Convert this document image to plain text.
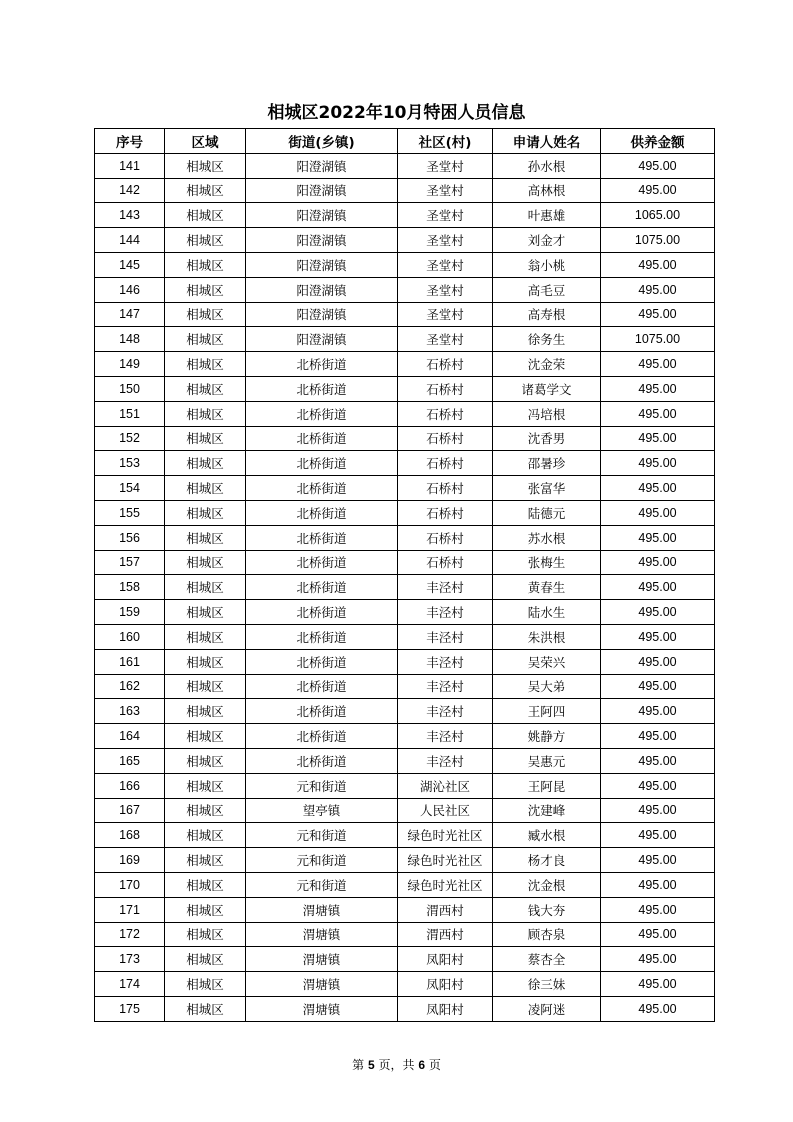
相城区2022年10月特困人员信息
序号	区域	街道(乡镇)	社区(村)	申请人姓名	供养金额
141	相城区	阳澄湖镇	圣堂村	孙水根	495.00
142	相城区	阳澄湖镇	圣堂村	高林根	495.00
143	相城区	阳澄湖镇	圣堂村	叶惠雄	1065.00
144	相城区	阳澄湖镇	圣堂村	刘金才	1075.00
145	相城区	阳澄湖镇	圣堂村	翁小桃	495.00
146	相城区	阳澄湖镇	圣堂村	高毛豆	495.00
147	相城区	阳澄湖镇	圣堂村	高寿根	495.00
148	相城区	阳澄湖镇	圣堂村	徐务生	1075.00
149	相城区	北桥街道	石桥村	沈金荣	495.00
150	相城区	北桥街道	石桥村	诸葛学文	495.00
151	相城区	北桥街道	石桥村	冯培根	495.00
152	相城区	北桥街道	石桥村	沈香男	495.00
153	相城区	北桥街道	石桥村	邵暑珍	495.00
154	相城区	北桥街道	石桥村	张富华	495.00
155	相城区	北桥街道	石桥村	陆德元	495.00
156	相城区	北桥街道	石桥村	苏水根	495.00
157	相城区	北桥街道	石桥村	张梅生	495.00
158	相城区	北桥街道	丰泾村	黄春生	495.00
159	相城区	北桥街道	丰泾村	陆水生	495.00
160	相城区	北桥街道	丰泾村	朱洪根	495.00
161	相城区	北桥街道	丰泾村	吴荣兴	495.00
162	相城区	北桥街道	丰泾村	吴大弟	495.00
163	相城区	北桥街道	丰泾村	王阿四	495.00
164	相城区	北桥街道	丰泾村	姚静方	495.00
165	相城区	北桥街道	丰泾村	吴惠元	495.00
166	相城区	元和街道	湖沁社区	王阿昆	495.00
167	相城区	望亭镇	人民社区	沈建峰	495.00
168	相城区	元和街道	绿色时光社区	臧水根	495.00
169	相城区	元和街道	绿色时光社区	杨才良	495.00
170	相城区	元和街道	绿色时光社区	沈金根	495.00
171	相城区	渭塘镇	渭西村	钱大夯	495.00
172	相城区	渭塘镇	渭西村	顾杏泉	495.00
173	相城区	渭塘镇	凤阳村	蔡杏全	495.00
174	相城区	渭塘镇	凤阳村	徐三妹	495.00
175	相城区	渭塘镇	凤阳村	凌阿迷	495.00
第 5 页，共 6 页
